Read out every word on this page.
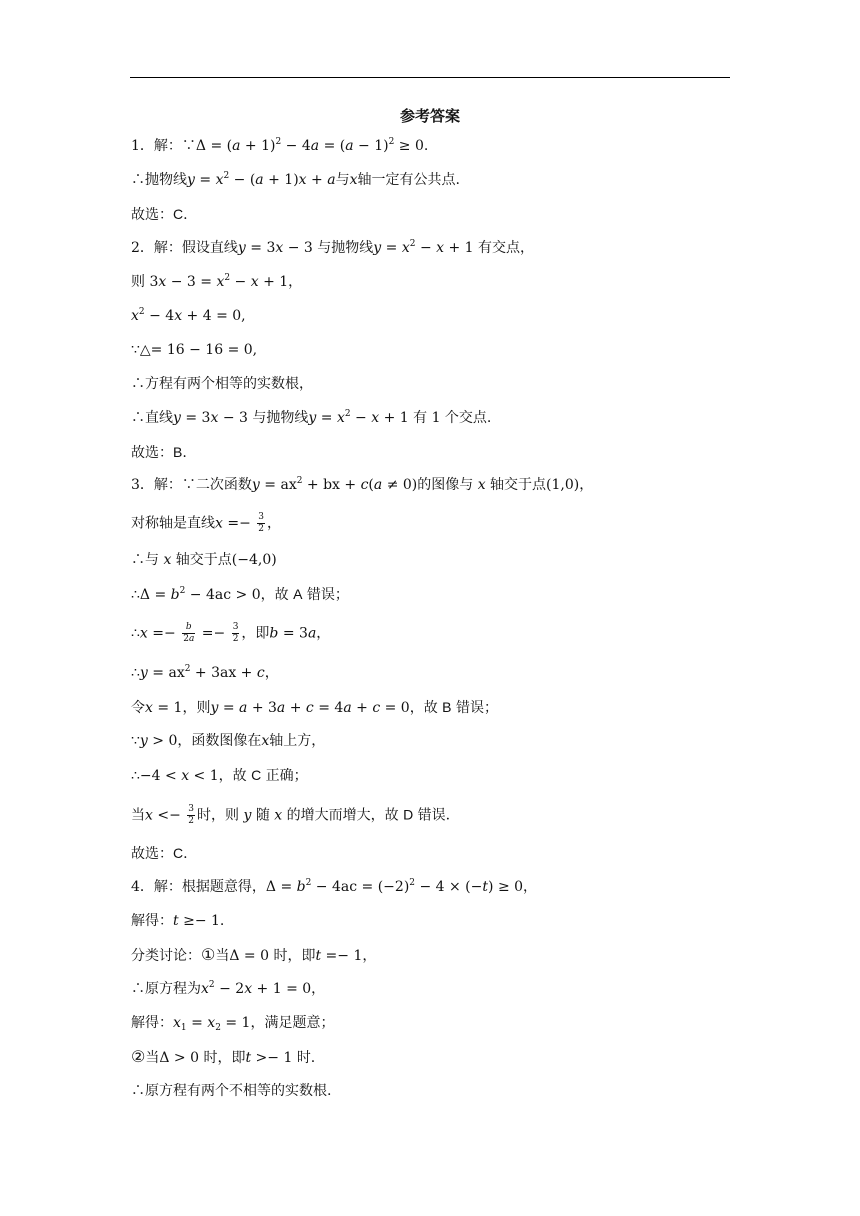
参考答案
1．解：∵Δ = $(a + 1)^2 - 4a = (a - 1)^2 \ge 0$.
∴抛物线$y = x^2 - (a + 1)x + a$与x轴一定有公共点.
故选：C.
2．解：假设直线y = 3x − 3 与抛物线$y = x^2 - x + 1$ 有交点，
则 $3x - 3 = x^2 - x + 1$，
$x^2 - 4x + 4 = 0$,
∵△= 16 − 16 = 0,
∴方程有两个相等的实数根，
∴直线y = 3x − 3 与抛物线$y = x^2 - x + 1$ 有 1 个交点.
故选：B.
3．解：∵二次函数$y = ax^2$ + bx + c(a ≠ 0)的图像与 x 轴交于点(1,0)，
对称轴是直线$x =- \frac{3}{2}$ ，
∴与 x 轴交于点(−4,0)
∴Δ = $b^2 - 4ac > 0$，故 A 错误；
∴x =− $\frac{b}{2a} =- \frac{3}{2}$ ，即b = 3a，
∴y = $ax^2 + 3ax + c$，
令x = 1，则y = a + 3a + c = 4a + c = 0，故 B 错误；
∵y > 0，函数图像在x轴上方，
∴−4 < x < 1，故 C 正确；
当$x <- \frac{3}{2}$ 时，则 y 随 x 的增大而增大，故 D 错误.
故选：C.
4．解：根据题意得，$\Delta = b^2 - 4ac = (-2)^2 - 4 \times (-t) \ge 0$，
解得：t ≥− 1.
分类讨论：①当Δ = 0 时，即t =− 1，
∴原方程为$x^2 - 2x + 1 = 0$，
解得：$x_1 = x_2 = 1$，满足题意；
②当Δ > 0 时，即t >− 1 时.
∴原方程有两个不相等的实数根.
